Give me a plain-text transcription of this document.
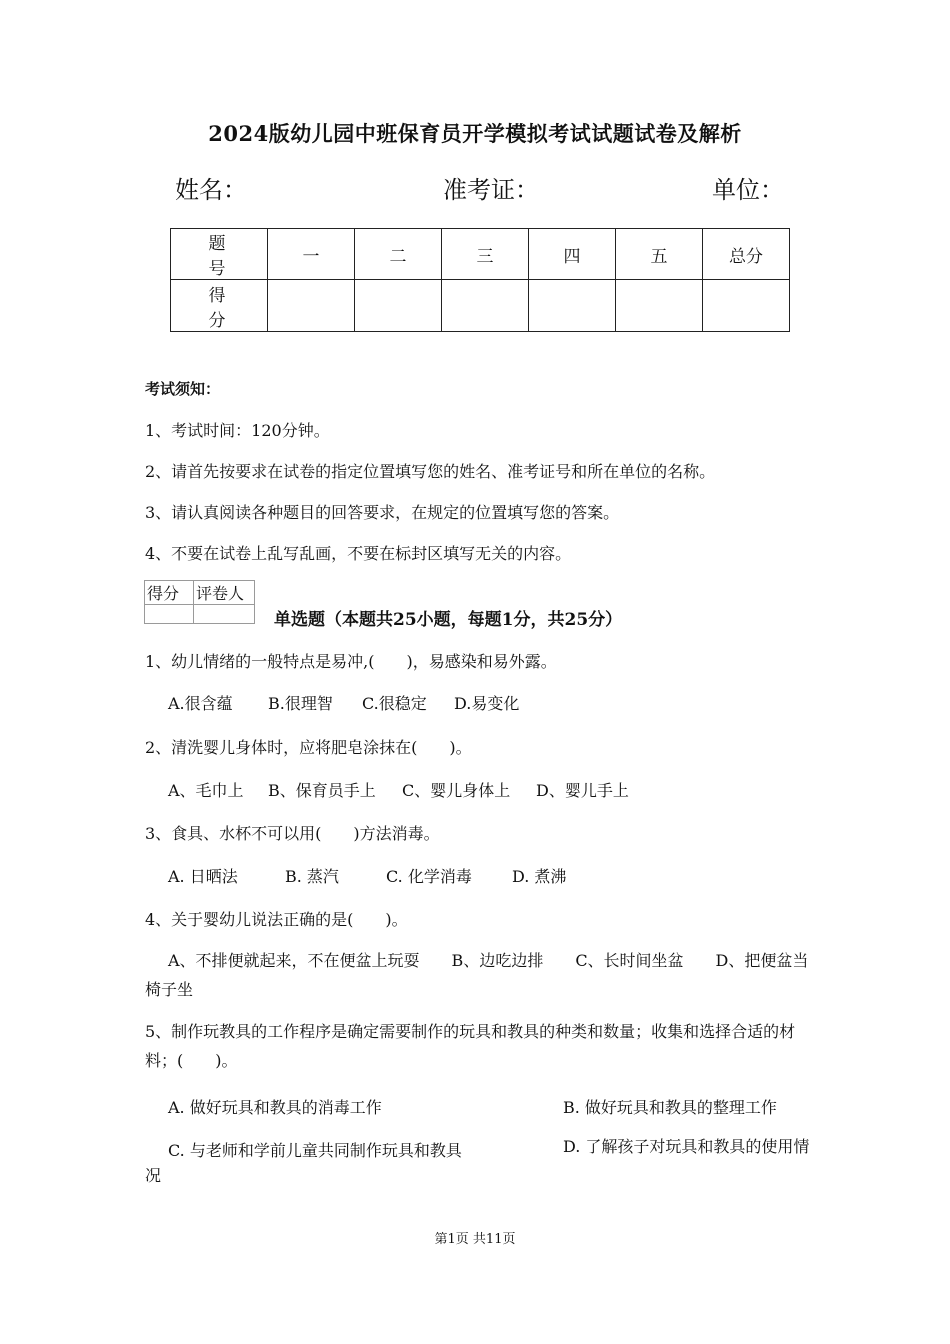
2024版幼儿园中班保育员开学模拟考试试题试卷及解析
姓名：	准考证：	单位：
题　号	一	二	三	四	五	总分
得　分						
考试须知：
1、考试时间：120分钟。
2、请首先按要求在试卷的指定位置填写您的姓名、准考证号和所在单位的名称。
3、请认真阅读各种题目的回答要求，在规定的位置填写您的答案。
4、不要在试卷上乱写乱画，不要在标封区填写无关的内容。
得分	评卷人

单选题（本题共25小题，每题1分，共25分）
1、幼儿情绪的一般特点是易冲,(　　)，易感染和易外露。
A.很含蕴 B.很理智 C.很稳定 D.易变化
2、清洗婴儿身体时，应将肥皂涂抹在(　　)。
A、毛巾上 B、保育员手上 C、婴儿身体上 D、婴儿手上
3、食具、水杯不可以用(　　)方法消毒。
A. 日晒法	B. 蒸汽	C. 化学消毒	D. 煮沸
4、关于婴幼儿说法正确的是(　　)。
A、不排便就起来，不在便盆上玩耍　　B、边吃边排　　C、长时间坐盆　　D、把便盆当椅子坐
5、制作玩教具的工作程序是确定需要制作的玩具和教具的种类和数量；收集和选择合适的材料；(　　)。
A. 做好玩具和教具的消毒工作	B. 做好玩具和教具的整理工作
C. 与老师和学前儿童共同制作玩具和教具	D. 了解孩子对玩具和教具的使用情况
第1页 共11页
